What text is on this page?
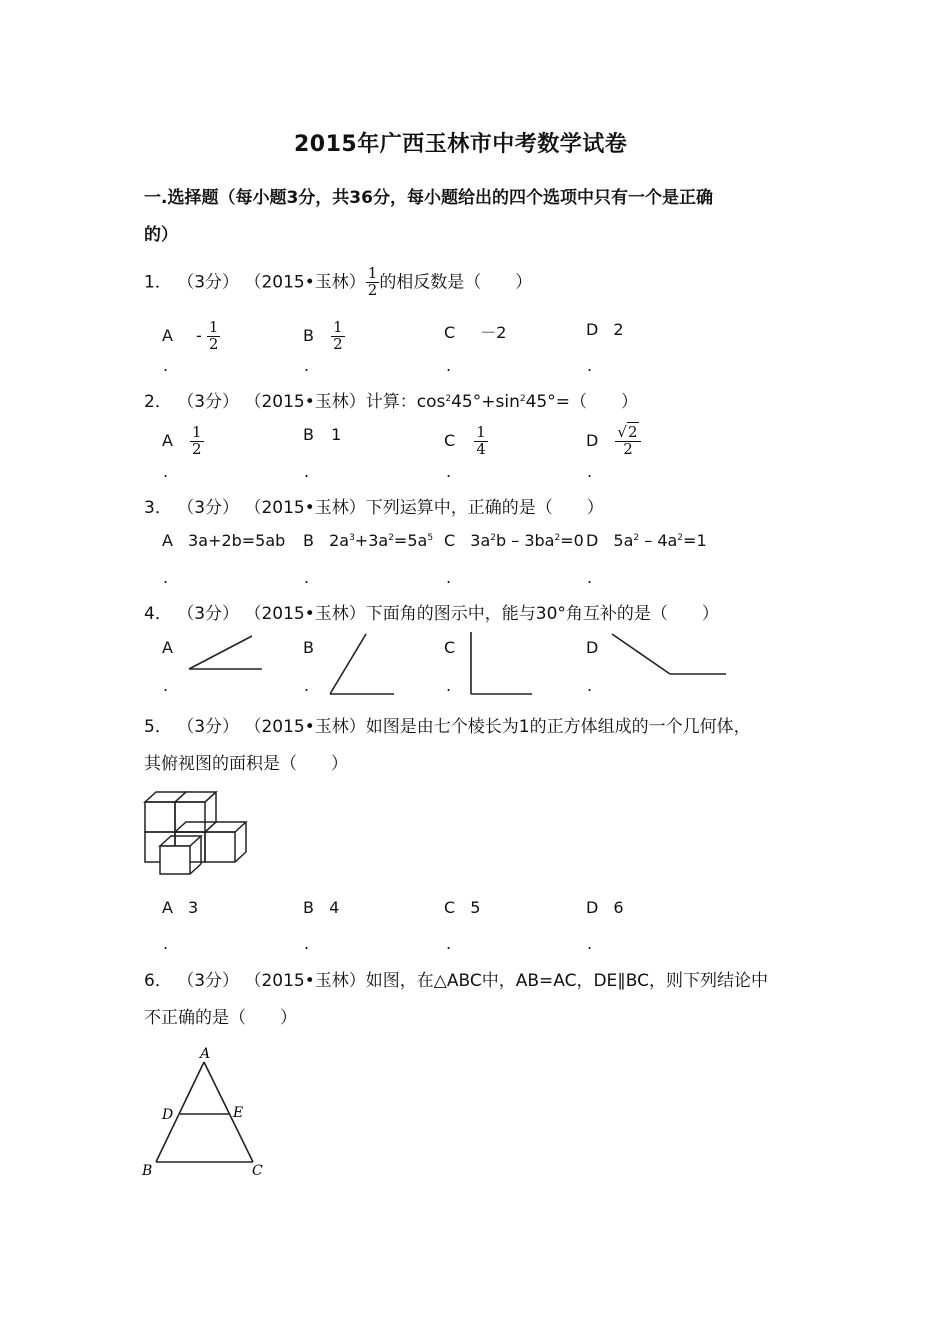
2015年广西玉林市中考数学试卷
一.选择题（每小题3分，共36分，每小题给出的四个选项中只有一个是正确
的）
1． （3分） （2015•玉林） $\frac{1}{2}$ 的相反数是（　　）
A - $\frac{1}{2}$	B $\frac{1}{2}$	C －2	D 2
.	.	.	.
2． （3分） （2015•玉林）计算：$\cos^245^\circ+\sin^245^\circ=$（　　）
A $\frac{1}{2}$	B 1	C $\frac{1}{4}$	D $\frac{√2}{2}$
.	.	.	.
3． （3分） （2015•玉林）下列运算中，正确的是（　　）
A 3a+2b=5ab B $2a^3+3a^2=5a^5$ C $3a^2b - 3ba^2=0$ D $5a^2 - 4a^2=1$
.	.	.	.
4． （3分） （2015•玉林）下面角的图示中，能与30°角互补的是（　　）
A	B	C	D
.	.	.	.
5． （3分） （2015•玉林）如图是由七个棱长为1的正方体组成的一个几何体，
其俯视图的面积是（　　）
A 3	B 4	C 5	D 6
.	.	.	.
6． （3分） （2015•玉林）如图，在△ABC中，AB=AC，DE∥BC，则下列结论中
不正确的是（　　）
A
D	E
B	C
